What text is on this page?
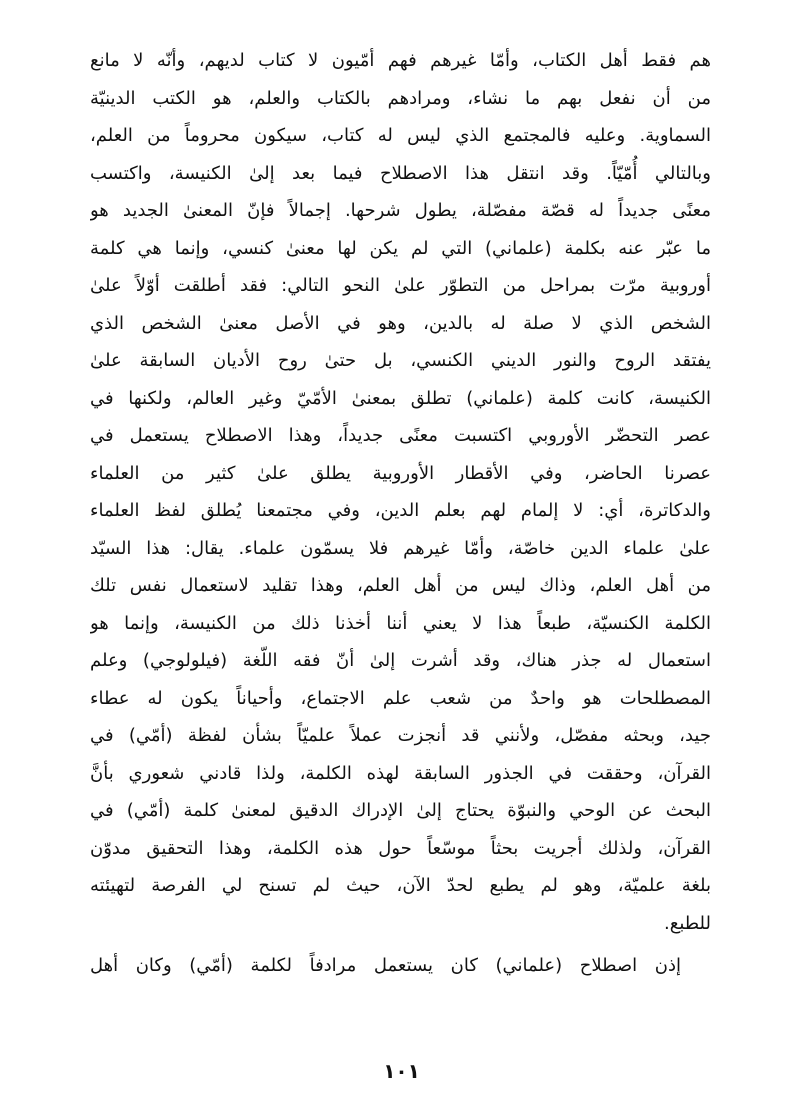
هم فقط أهل الكتاب، وأمّا غيرهم فهم أمّيون لا كتاب لديهم، وأنّه لا مانع

من أن نفعل بهم ما نشاء، ومرادهم بالكتاب والعلم، هو الكتب الدينيّة

السماوية. وعليه فالمجتمع الذي ليس له كتاب، سيكون محروماً من العلم،

وبالتالي أُمّيّاً. وقد انتقل هذا الاصطلاح فيما بعد إلىٰ الكنيسة، واكتسب

معنًى جديداً له قصّة مفصّلة، يطول شرحها. إجمالاً فإنّ المعنىٰ الجديد هو

ما عبّر عنه بكلمة (علماني) التي لم يكن لها معنىٰ كنسي، وإنما هي كلمة

أوروبية مرّت بمراحل من التطوّر علىٰ النحو التالي: فقد أطلقت أوّلاً علىٰ

الشخص الذي لا صلة له بالدين، وهو في الأصل معنىٰ الشخص الذي

يفتقد الروح والنور الديني الكنسي، بل حتىٰ روح الأديان السابقة علىٰ

الكنيسة، كانت كلمة (علماني) تطلق بمعنىٰ الأمّيّ وغير العالم، ولكنها في

عصر التحضّر الأوروبي اكتسبت معنًى جديداً، وهذا الاصطلاح يستعمل في

عصرنا الحاضر، وفي الأقطار الأوروبية يطلق علىٰ كثير من العلماء

والدكاترة، أي: لا إلمام لهم بعلم الدين، وفي مجتمعنا يُطلق لفظ العلماء

علىٰ علماء الدين خاصّة، وأمّا غيرهم فلا يسمّون علماء. يقال: هذا السيّد

من أهل العلم، وذاك ليس من أهل العلم، وهذا تقليد لاستعمال نفس تلك

الكلمة الكنسيّة، طبعاً هذا لا يعني أننا أخذنا ذلك من الكنيسة، وإنما هو

استعمال له جذر هناك، وقد أشرت إلىٰ أنّ فقه اللّغة (فيلولوجي) وعلم

المصطلحات هو واحدٌ من شعب علم الاجتماع، وأحياناً يكون له عطاء

جيد، وبحثه مفصّل، ولأنني قد أنجزت عملاً علميّاً بشأن لفظة (أمّي) في

القرآن، وحققت في الجذور السابقة لهذه الكلمة، ولذا قادني شعوري بأنَّ

البحث عن الوحي والنبوّة يحتاج إلىٰ الإدراك الدقيق لمعنىٰ كلمة (أمّي) في

القرآن، ولذلك أجريت بحثاً موسّعاً حول هذه الكلمة، وهذا التحقيق مدوّن

بلغة علميّة، وهو لم يطبع لحدّ الآن، حيث لم تسنح لي الفرصة لتهيئته

للطبع.

إذن اصطلاح (علماني) كان يستعمل مرادفاً لكلمة (أمّي) وكان أهل

١٠١
